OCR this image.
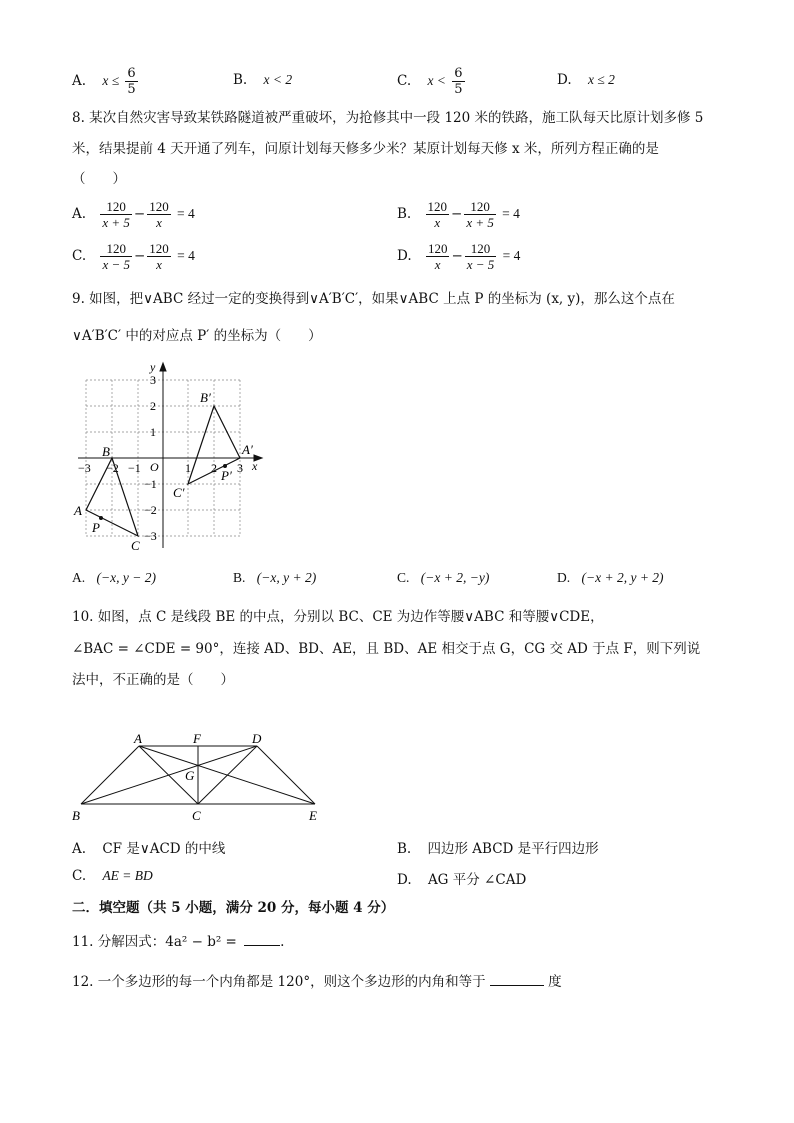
A. $x \le \frac{6}{5}$	B. x < 2	C. $x < \frac{6}{5}$	D. x ≤ 2
8. 某次自然灾害导致某铁路隧道被严重破坏，为抢修其中一段 120 米的铁路，施工队每天比原计划多修 5
米，结果提前 4 天开通了列车，问原计划每天修多少米？某原计划每天修 x 米，所列方程正确的是
（　　）
A. $\frac{120}{x + 5} - \frac{120}{x} = 4$	B. $\frac{120}{x} - \frac{120}{x + 5} = 4$
C. $\frac{120}{x - 5} - \frac{120}{x} = 4$	D. $\frac{120}{x} - \frac{120}{x - 5} = 4$
9. 如图，把∨ABC 经过一定的变换得到∨A′B′C′，如果∨ABC 上点 P 的坐标为 (x, y)，那么这个点在
∨A′B′C′ 中的对应点 P′ 的坐标为（　　）
y
x
O
−3 −2 −1	1 2 3
3
2
1
−1
−2
−3
A
B
C
P
A′
B′
C′
P′
A. (−x, y − 2)	B. (−x, y + 2)	C. (−x + 2, −y)	D. (−x + 2, y + 2)
10. 如图，点 C 是线段 BE 的中点，分别以 BC、CE 为边作等腰∨ABC 和等腰∨CDE，
∠BAC = ∠CDE = 90°，连接 AD、BD、AE，且 BD、AE 相交于点 G，CG 交 AD 于点 F，则下列说
法中，不正确的是（　　）
A	F	D
G
B	C	E
A. CF 是∨ACD 的中线	B. 四边形 ABCD 是平行四边形
C. AE = BD	D. AG 平分 ∠CAD
二．填空题（共 5 小题，满分 20 分，每小题 4 分）
11. 分解因式：4a² − b² =	.
12. 一个多边形的每一个内角都是 120°，则这个多边形的内角和等于	度
